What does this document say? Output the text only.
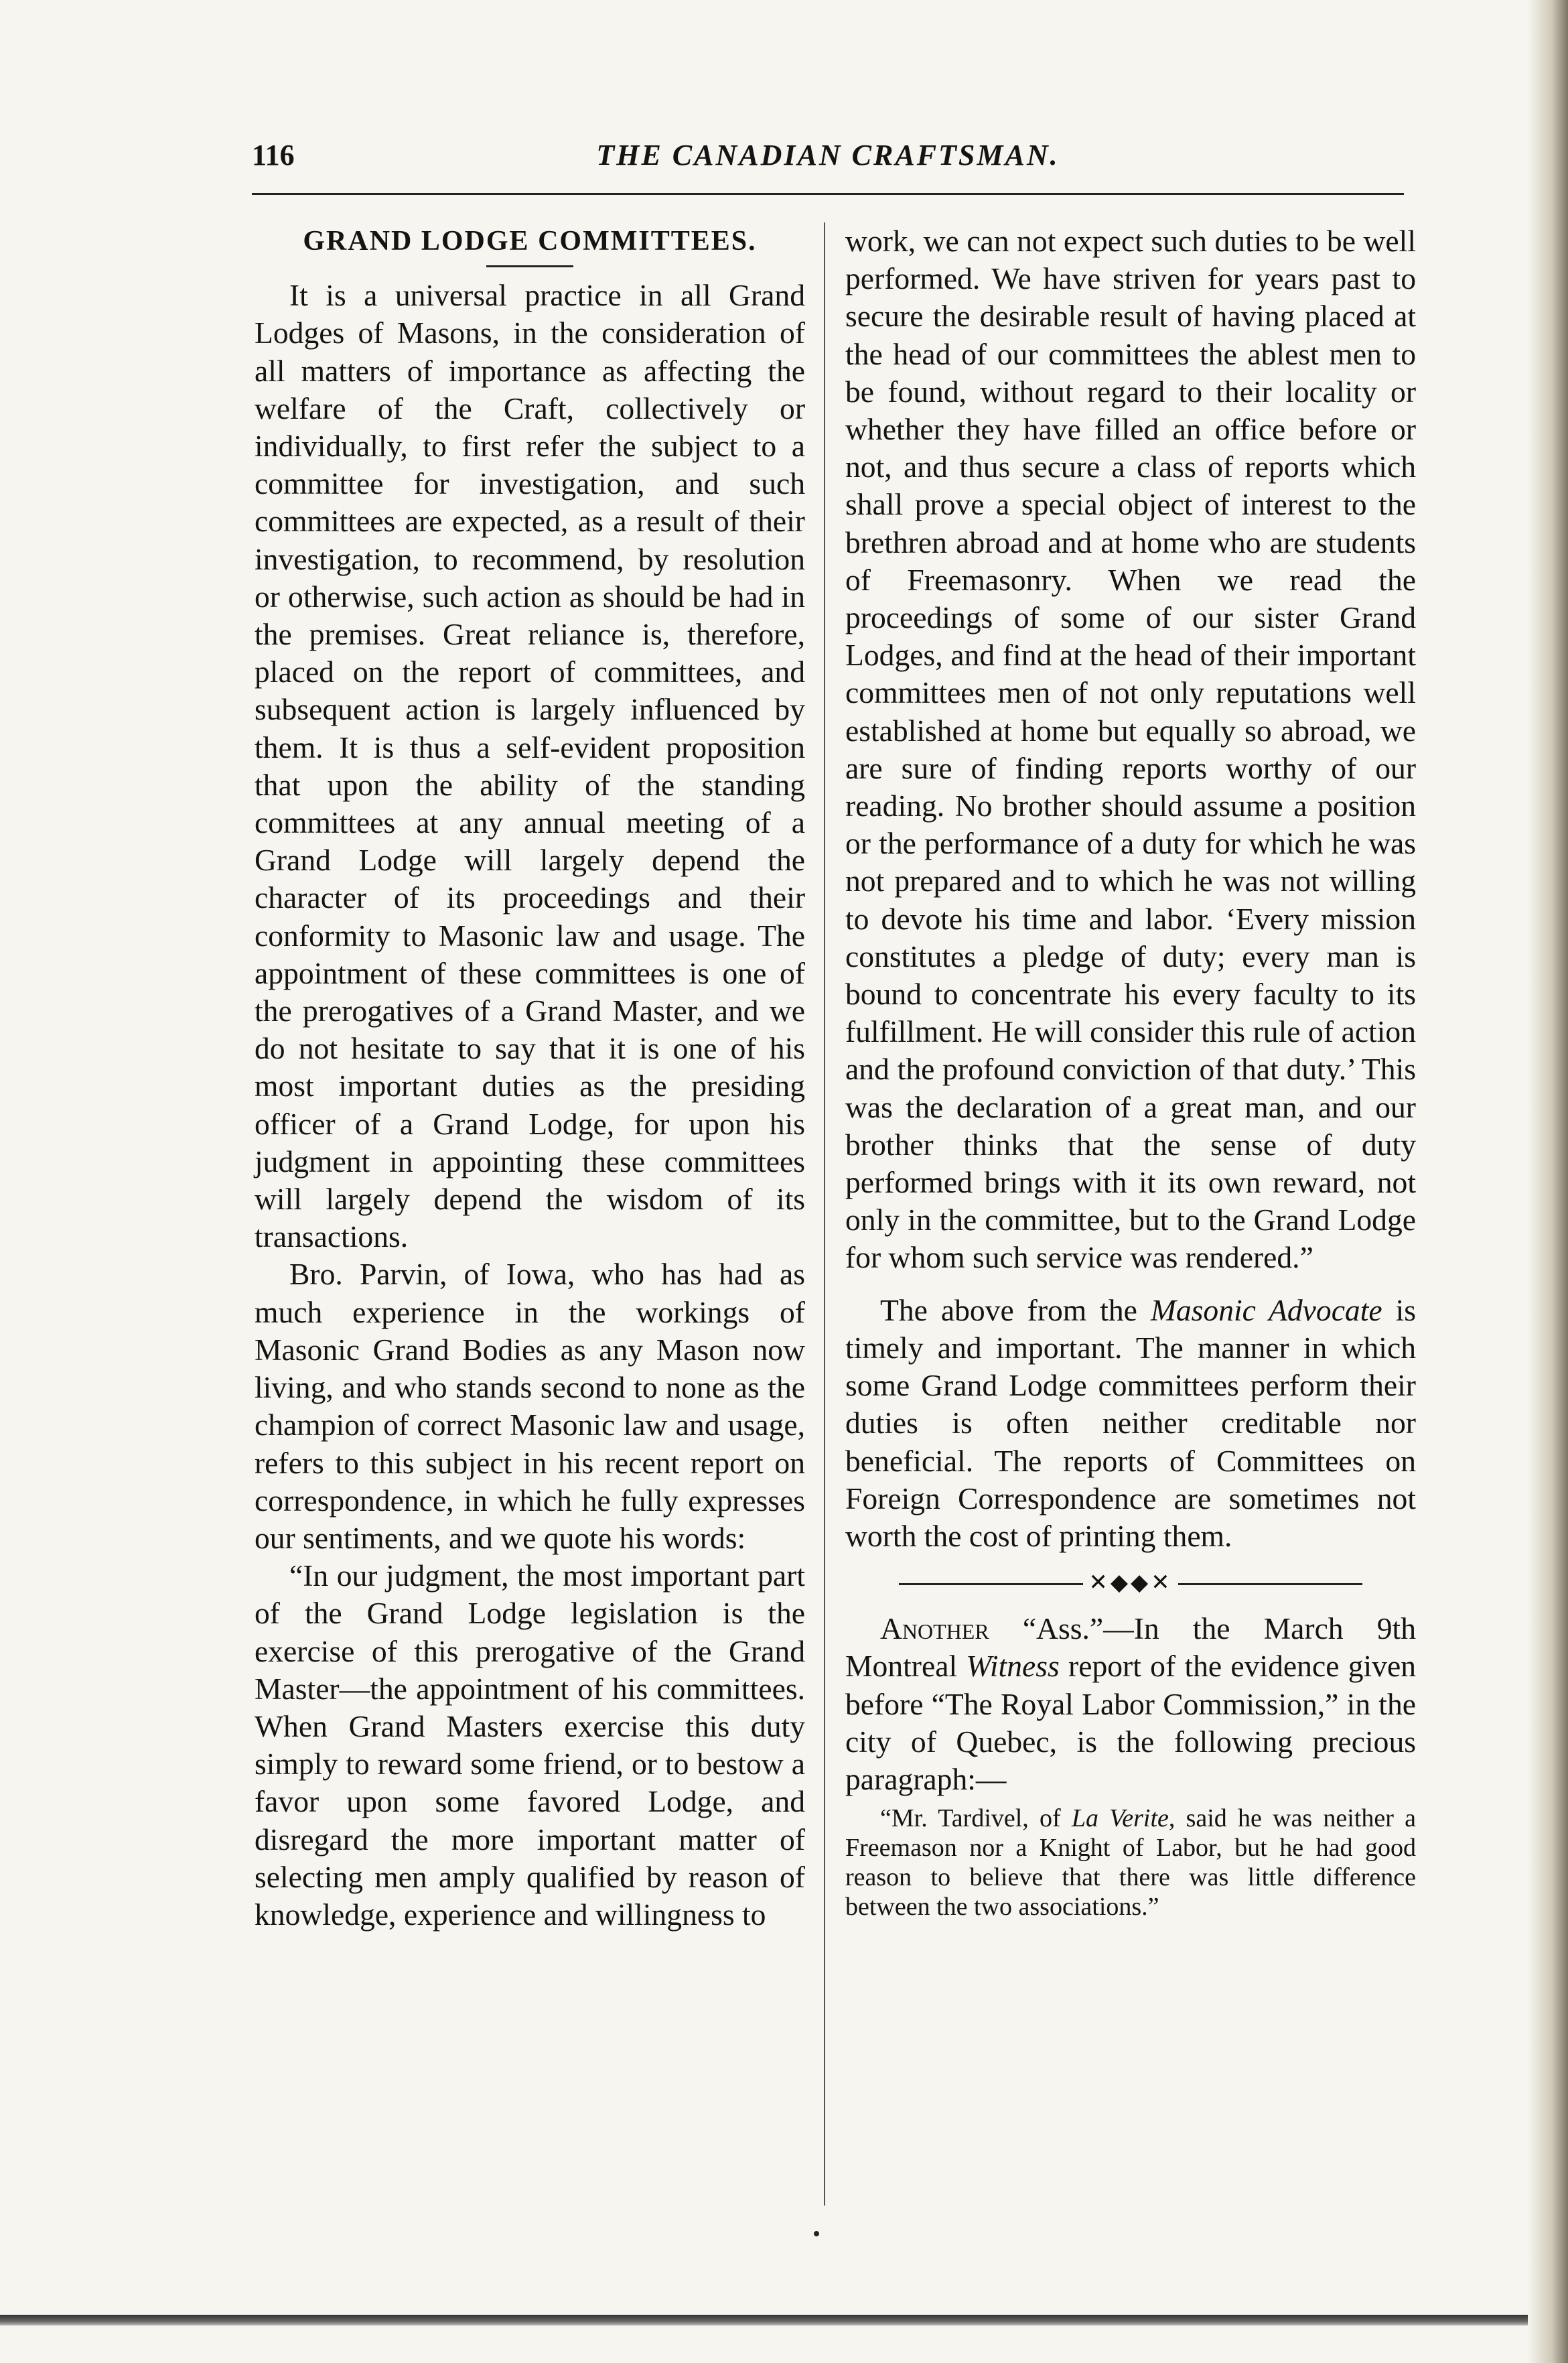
116	THE CANADIAN CRAFTSMAN.
GRAND LODGE COMMITTEES.

It is a universal practice in all Grand Lodges of Masons, in the consideration of all matters of importance as affecting the welfare of the Craft, collectively or individually, to first refer the subject to a committee for investigation, and such committees are expected, as a result of their investigation, to recommend, by resolution or otherwise, such action as should be had in the premises. Great reliance is, therefore, placed on the report of committees, and subsequent action is largely influenced by them. It is thus a self-evident proposition that upon the ability of the standing committees at any annual meeting of a Grand Lodge will largely depend the character of its proceedings and their conformity to Masonic law and usage. The appointment of these committees is one of the prerogatives of a Grand Master, and we do not hesitate to say that it is one of his most important duties as the presiding officer of a Grand Lodge, for upon his judgment in appointing these committees will largely depend the wisdom of its transactions.

Bro. Parvin, of Iowa, who has had as much experience in the workings of Masonic Grand Bodies as any Mason now living, and who stands second to none as the champion of correct Masonic law and usage, refers to this subject in his recent report on correspondence, in which he fully expresses our sentiments, and we quote his words:

“In our judgment, the most important part of the Grand Lodge legislation is the exercise of this prerogative of the Grand Master—the appointment of his committees. When Grand Masters exercise this duty simply to reward some friend, or to bestow a favor upon some favored Lodge, and disregard the more important matter of selecting men amply qualified by reason of knowledge, experience and willingness to

work, we can not expect such duties to be well performed. We have striven for years past to secure the desirable result of having placed at the head of our committees the ablest men to be found, without regard to their locality or whether they have filled an office before or not, and thus secure a class of reports which shall prove a special object of interest to the brethren abroad and at home who are students of Freemasonry. When we read the proceedings of some of our sister Grand Lodges, and find at the head of their important committees men of not only reputations well established at home but equally so abroad, we are sure of finding reports worthy of our reading. No brother should assume a position or the performance of a duty for which he was not prepared and to which he was not willing to devote his time and labor. ‘Every mission constitutes a pledge of duty; every man is bound to concentrate his every faculty to its fulfillment. He will consider this rule of action and the profound conviction of that duty.’ This was the declaration of a great man, and our brother thinks that the sense of duty performed brings with it its own reward, not only in the committee, but to the Grand Lodge for whom such service was rendered.”

The above from the Masonic Advocate is timely and important. The manner in which some Grand Lodge committees perform their duties is often neither creditable nor beneficial. The reports of Committees on Foreign Correspondence are sometimes not worth the cost of printing them.

✕◆◆✕

Another “Ass.”—In the March 9th Montreal Witness report of the evidence given before “The Royal Labor Commission,” in the city of Quebec, is the following precious paragraph:—

“Mr. Tardivel, of La Verite, said he was neither a Freemason nor a Knight of Labor, but he had good reason to believe that there was little difference between the two associations.”
